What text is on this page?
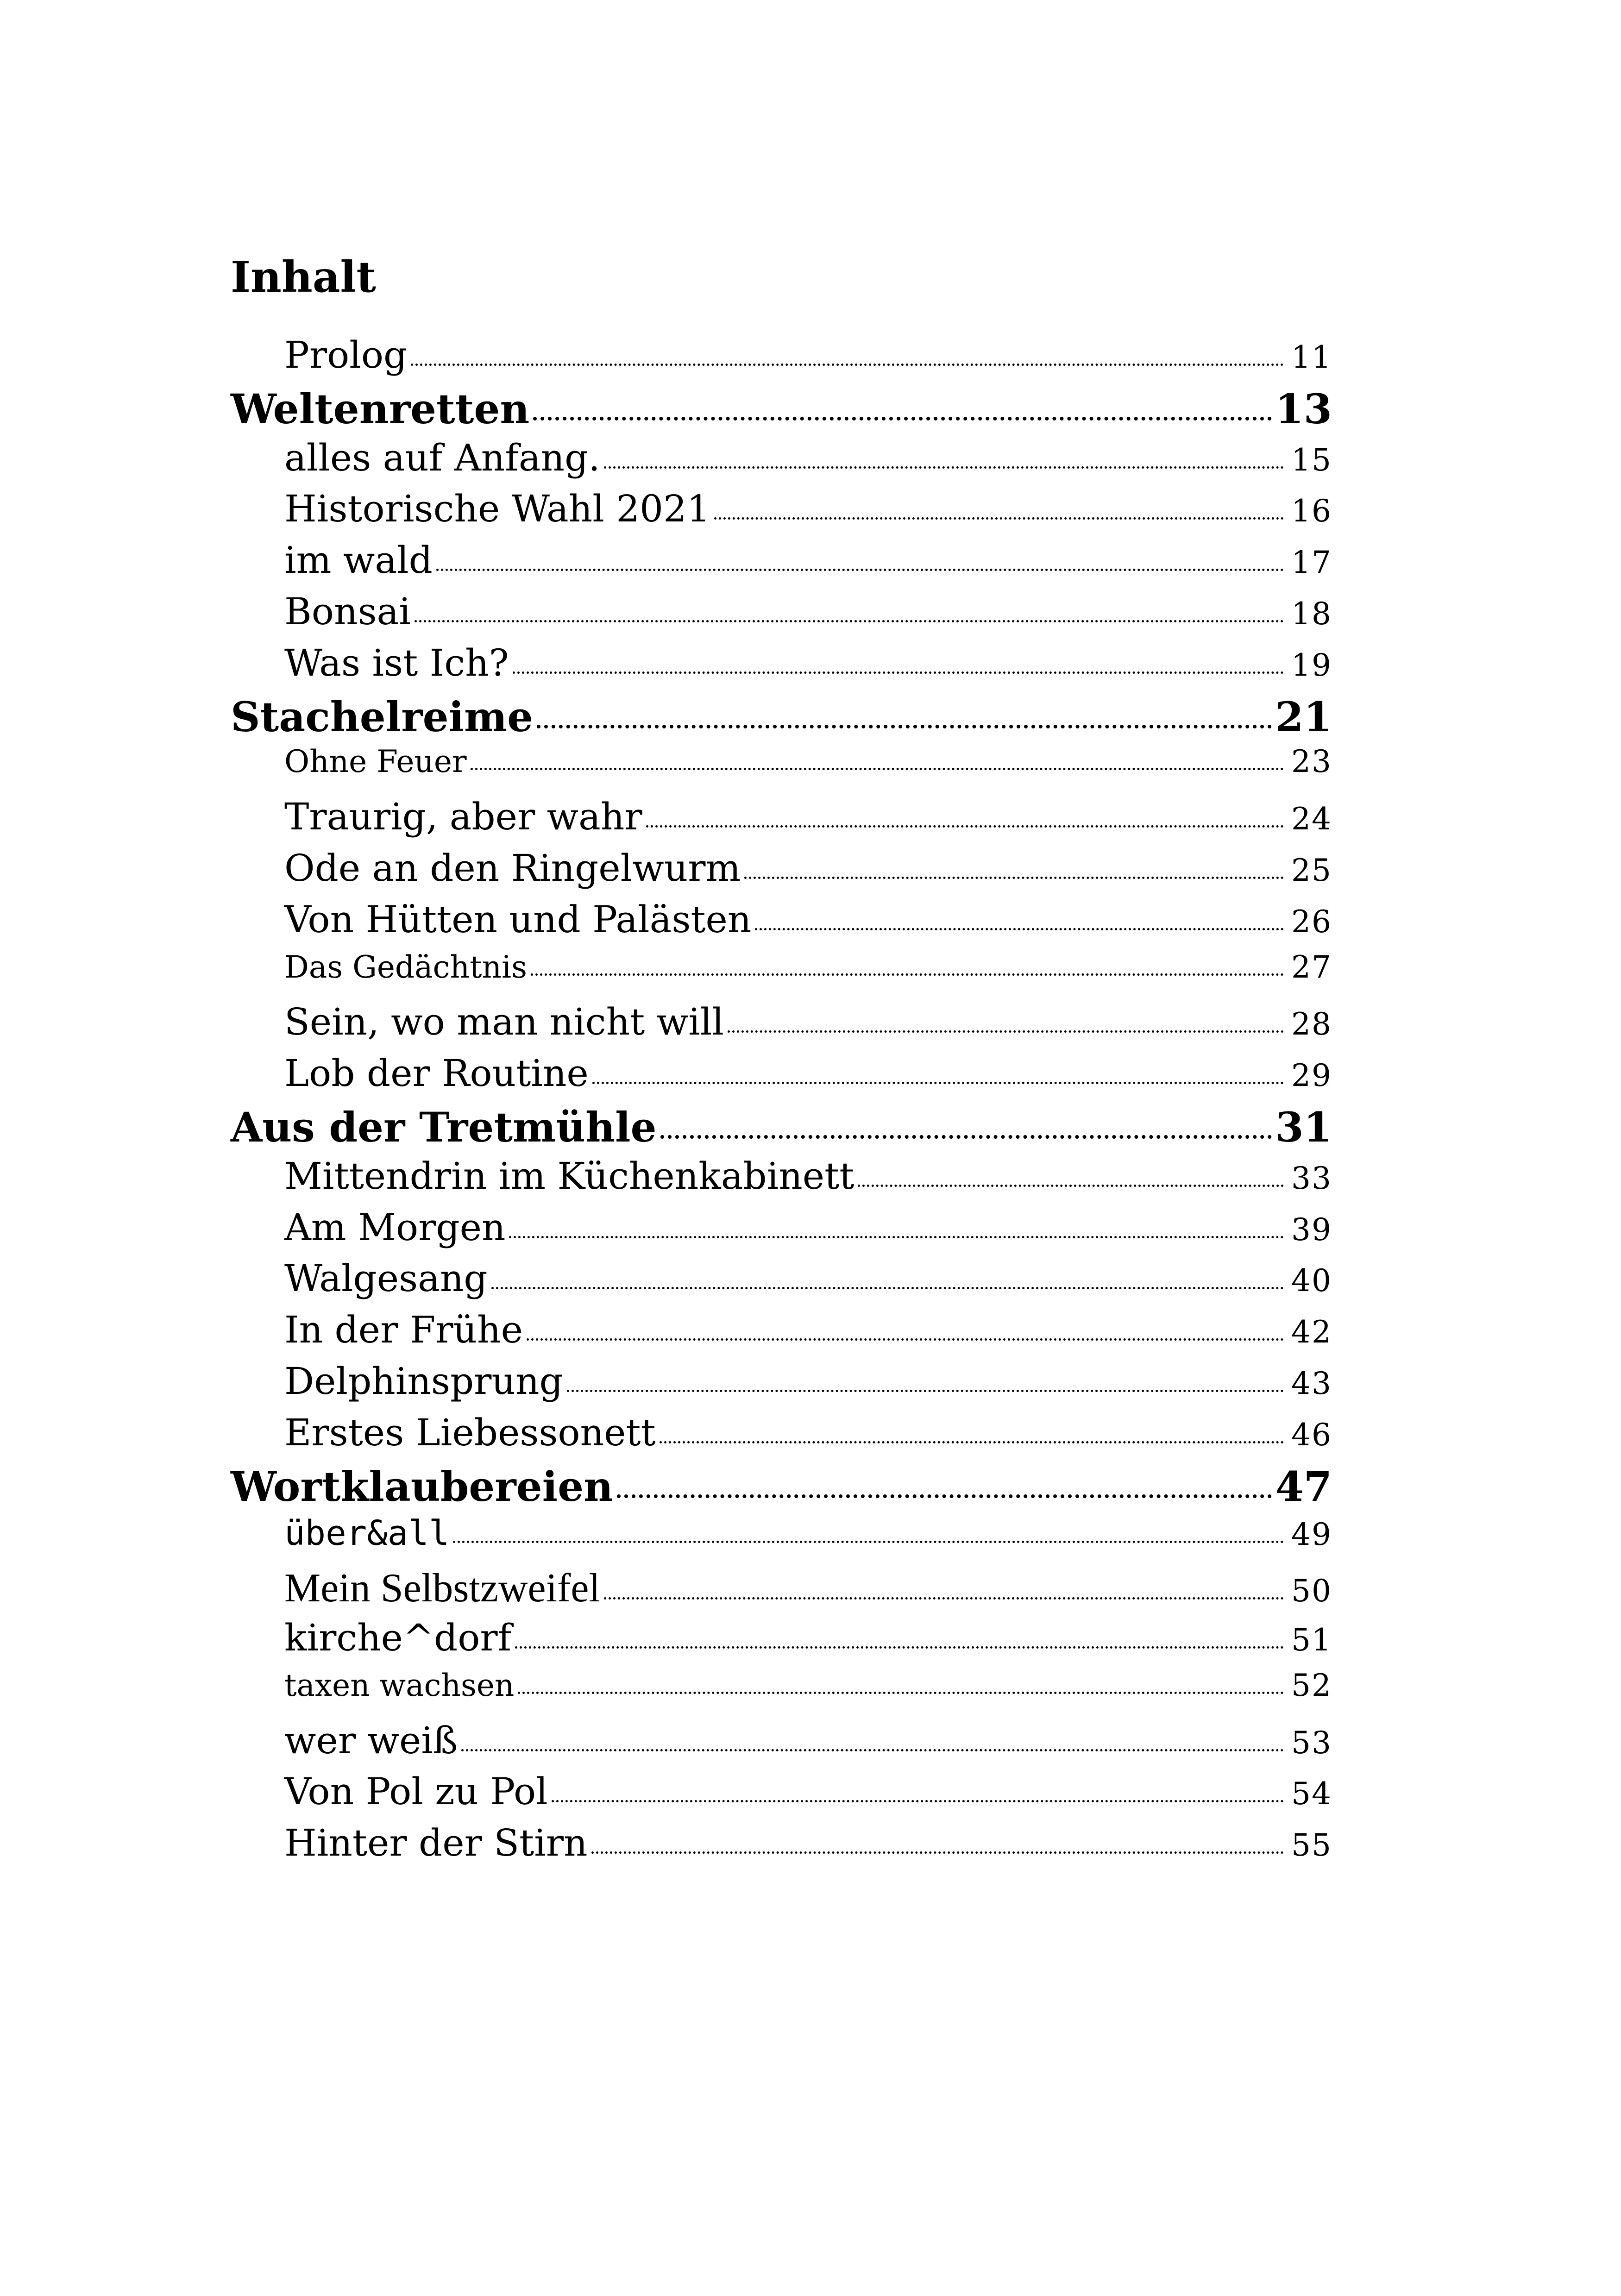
Inhalt
Prolog	11
Weltenretten	13
alles auf Anfang.	15
Historische Wahl 2021	16
im wald	17
Bonsai	18
Was ist Ich?	19
Stachelreime	21
Ohne Feuer	23
Traurig, aber wahr	24
Ode an den Ringelwurm	25
Von Hütten und Palästen	26
Das Gedächtnis	27
Sein, wo man nicht will	28
Lob der Routine	29
Aus der Tretmühle	31
Mittendrin im Küchenkabinett	33
Am Morgen	39
Walgesang	40
In der Frühe	42
Delphinsprung	43
Erstes Liebessonett	46
Wortklaubereien	47
über&all	49
Mein Selbstzweifel	50
kirche^dorf	51
taxen wachsen	52
wer weiß	53
Von Pol zu Pol	54
Hinter der Stirn	55
